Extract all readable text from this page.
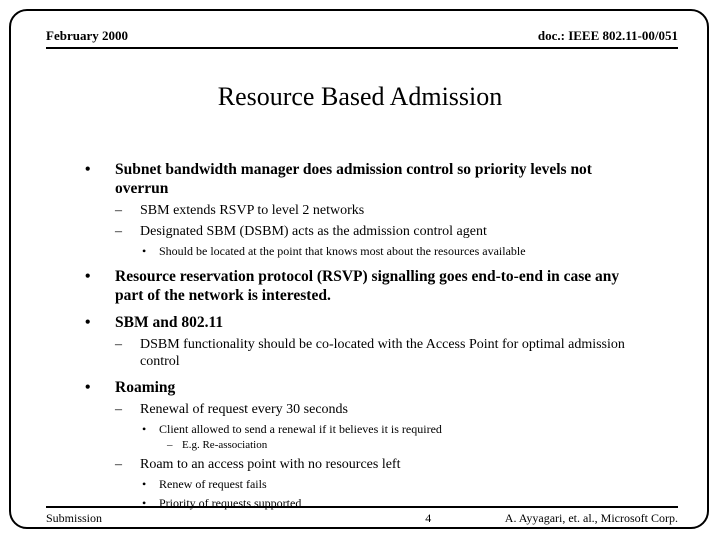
February 2000	doc.: IEEE 802.11-00/051
Resource Based Admission
•	Subnet bandwidth manager does admission control so priority levels not overrun
–	SBM extends RSVP to level 2 networks
–	Designated SBM (DSBM) acts as the admission control agent
•	Should be located at the point that knows most about the resources available
•	Resource reservation protocol (RSVP) signalling goes end-to-end in case any part of the network is interested.
•	SBM and 802.11
–	DSBM functionality should be co-located with the Access Point for optimal admission control
•	Roaming
–	Renewal of request every 30 seconds
•	Client allowed to send a renewal if it believes it is required
– E.g. Re-association
–	Roam to an access point with no resources left
•	Renew of request fails
•	Priority of requests supported
Submission	4	A. Ayyagari, et. al., Microsoft Corp.
